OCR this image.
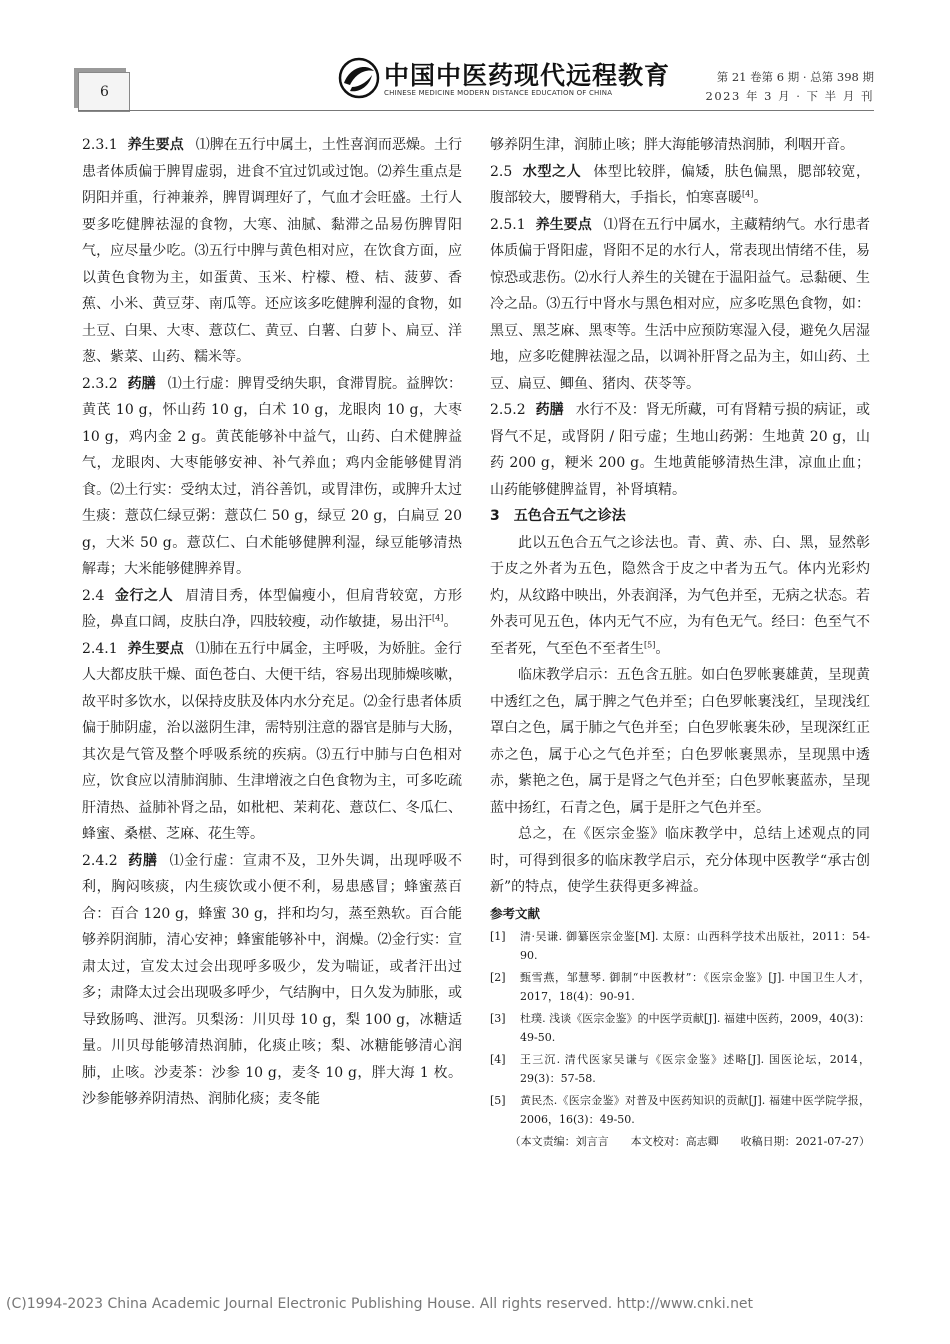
6
中国中医药现代远程教育
CHINESE MEDICINE MODERN DISTANCE EDUCATION OF CHINA
第 21 卷第 6 期 · 总第 398 期
2023 年 3 月 · 下 半 月 刊

2.3.1 养生要点 ⑴脾在五行中属土，土性喜润而恶燥。土行患者体质偏于脾胃虚弱，进食不宜过饥或过饱。⑵养生重点是阴阳并重，行神兼养，脾胃调理好了，气血才会旺盛。土行人要多吃健脾祛湿的食物，大寒、油腻、黏滞之品易伤脾胃阳气，应尽量少吃。⑶五行中脾与黄色相对应，在饮食方面，应以黄色食物为主，如蛋黄、玉米、柠檬、橙、桔、菠萝、香蕉、小米、黄豆芽、南瓜等。还应该多吃健脾利湿的食物，如土豆、白果、大枣、薏苡仁、黄豆、白薯、白萝卜、扁豆、洋葱、紫菜、山药、糯米等。

2.3.2 药膳 ⑴土行虚：脾胃受纳失职，食滞胃脘。益脾饮：黄芪 10 g，怀山药 10 g，白术 10 g，龙眼肉 10 g，大枣 10 g，鸡内金 2 g。黄芪能够补中益气，山药、白术健脾益气，龙眼肉、大枣能够安神、补气养血；鸡内金能够健胃消食。⑵土行实：受纳太过，消谷善饥，或胃津伤，或脾升太过生痰：薏苡仁绿豆粥：薏苡仁 50 g，绿豆 20 g，白扁豆 20 g，大米 50 g。薏苡仁、白术能够健脾利湿，绿豆能够清热解毒；大米能够健脾养胃。

2.4 金行之人 眉清目秀，体型偏瘦小，但肩背较宽，方形脸，鼻直口阔，皮肤白净，四肢较瘦，动作敏捷，易出汗[4]。

2.4.1 养生要点 ⑴肺在五行中属金，主呼吸，为娇脏。金行人大都皮肤干燥、面色苍白、大便干结，容易出现肺燥咳嗽，故平时多饮水，以保持皮肤及体内水分充足。⑵金行患者体质偏于肺阴虚，治以滋阴生津，需特别注意的器官是肺与大肠，其次是气管及整个呼吸系统的疾病。⑶五行中肺与白色相对应，饮食应以清肺润肺、生津增液之白色食物为主，可多吃疏肝清热、益肺补肾之品，如枇杷、茉莉花、薏苡仁、冬瓜仁、蜂蜜、桑椹、芝麻、花生等。

2.4.2 药膳 ⑴金行虚：宣肃不及，卫外失调，出现呼吸不利，胸闷咳痰，内生痰饮或小便不利，易患感冒；蜂蜜蒸百合：百合 120 g，蜂蜜 30 g，拌和均匀，蒸至熟软。百合能够养阴润肺，清心安神；蜂蜜能够补中，润燥。⑵金行实：宣肃太过，宣发太过会出现呼多吸少，发为喘证，或者汗出过多；肃降太过会出现吸多呼少，气结胸中，日久发为肺胀，或导致肠鸣、泄泻。贝梨汤：川贝母 10 g，梨 100 g，冰糖适量。川贝母能够清热润肺，化痰止咳；梨、冰糖能够清心润肺，止咳。沙麦茶：沙参 10 g，麦冬 10 g，胖大海 1 枚。沙参能够养阴清热、润肺化痰；麦冬能

够养阴生津，润肺止咳；胖大海能够清热润肺，利咽开音。

2.5 水型之人 体型比较胖，偏矮，肤色偏黑，腮部较宽，腹部较大，腰臀稍大，手指长，怕寒喜暖[4]。

2.5.1 养生要点 ⑴肾在五行中属水，主藏精纳气。水行患者体质偏于肾阳虚，肾阳不足的水行人，常表现出情绪不佳，易惊恐或悲伤。⑵水行人养生的关键在于温阳益气。忌黏硬、生冷之品。⑶五行中肾水与黑色相对应，应多吃黑色食物，如：黑豆、黑芝麻、黑枣等。生活中应预防寒湿入侵，避免久居湿地，应多吃健脾祛湿之品，以调补肝肾之品为主，如山药、土豆、扁豆、鲫鱼、猪肉、茯苓等。

2.5.2 药膳 水行不及：肾无所藏，可有肾精亏损的病证，或肾气不足，或肾阴 / 阳亏虚；生地山药粥：生地黄 20 g，山药 200 g，粳米 200 g。生地黄能够清热生津，凉血止血；山药能够健脾益胃，补肾填精。

3　五色合五气之诊法

此以五色合五气之诊法也。青、黄、赤、白、黑，显然彰于皮之外者为五色，隐然含于皮之中者为五气。体内光彩灼灼，从纹路中映出，外表润泽，为气色并至，无病之状态。若外表可见五色，体内无气不应，为有色无气。经曰：色至气不至者死，气至色不至者生[5]。

临床教学启示：五色含五脏。如白色罗帐裹雄黄，呈现黄中透红之色，属于脾之气色并至；白色罗帐裹浅红，呈现浅红罩白之色，属于肺之气色并至；白色罗帐裹朱砂，呈现深红正赤之色，属于心之气色并至；白色罗帐裹黑赤，呈现黑中透赤，紫艳之色，属于是肾之气色并至；白色罗帐裹蓝赤，呈现蓝中扬红，石青之色，属于是肝之气色并至。

总之，在《医宗金鉴》临床教学中，总结上述观点的同时，可得到很多的临床教学启示，充分体现中医教学“承古创新”的特点，使学生获得更多裨益。

参考文献

[1]	清·吴谦. 御纂医宗金鉴[M]. 太原：山西科学技术出版社，2011：54-90.
[2]	甄雪燕，邹慧琴. 御制“中医教材”：《医宗金鉴》[J]. 中国卫生人才，2017，18(4)：90-91.
[3]	杜璞. 浅谈《医宗金鉴》的中医学贡献[J]. 福建中医药，2009，40(3)：49-50.
[4]	王三沉. 清代医家吴谦与《医宗金鉴》述略[J]. 国医论坛，2014，29(3)：57-58.
[5]	黄民杰.《医宗金鉴》对普及中医药知识的贡献[J]. 福建中医学院学报，2006，16(3)：49-50.
（本文责编：刘言言　　本文校对：高志卿　　收稿日期：2021-07-27）
(C)1994-2023 China Academic Journal Electronic Publishing House. All rights reserved. http://www.cnki.net
